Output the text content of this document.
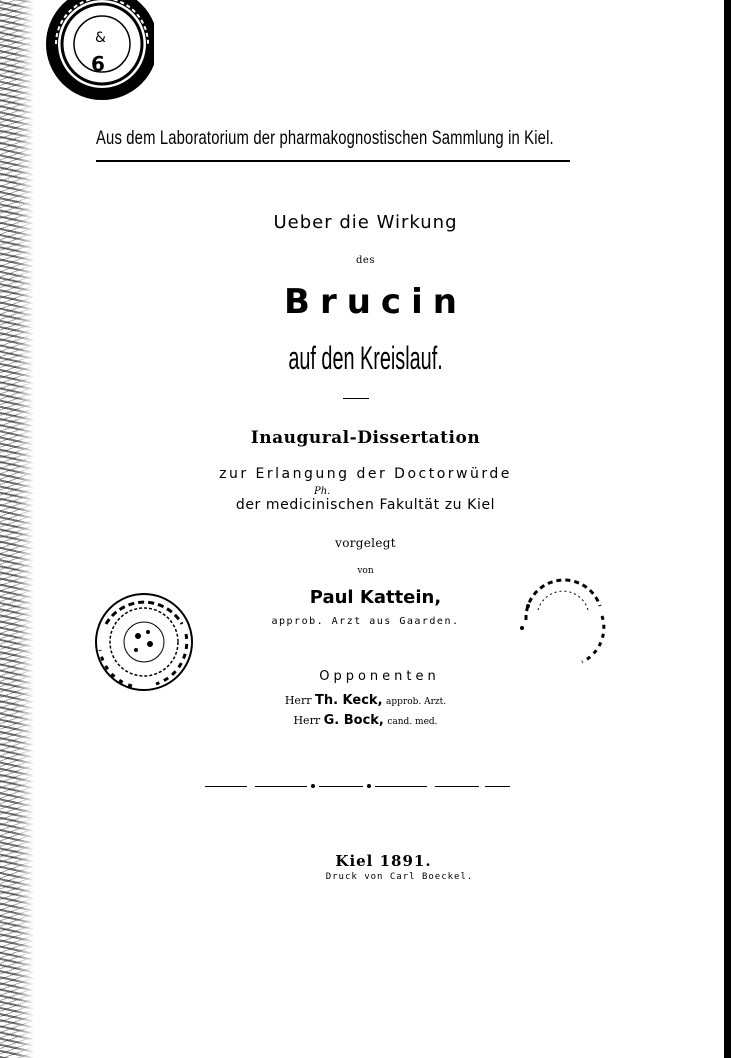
6
&
Aus dem Laboratorium der pharmakognostischen Sammlung in Kiel.
Ueber die Wirkung
des
Brucin
auf den Kreislauf.
Inaugural-Dissertation
zur Erlangung der Doctorwürde
der medicinischen Fakultät zu Kiel
Ph.
vorgelegt
von
Paul Kattein,
approb. Arzt aus Gaarden.
Opponenten
Herr Th. Keck, approb. Arzt.
Herr G. Bock, cand. med.
Kiel 1891.
Druck von Carl Boeckel.
